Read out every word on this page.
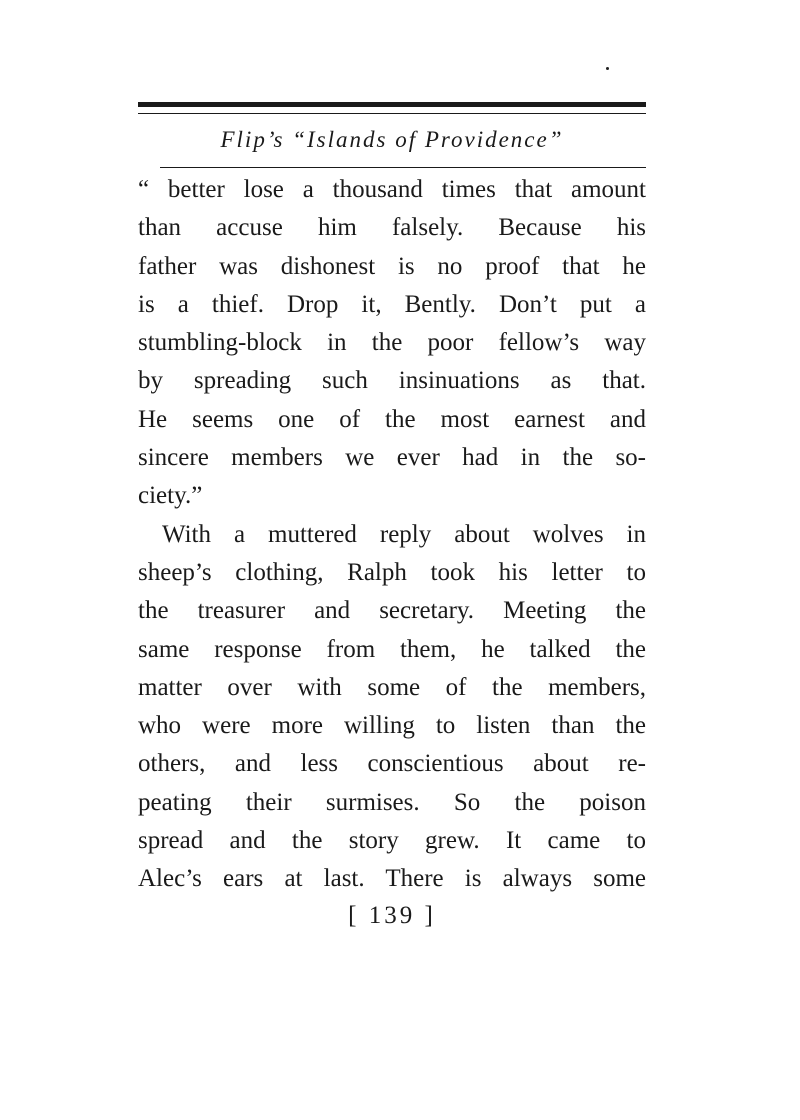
Flip’s “Islands of Providence”
“ better lose a thousand times that amount
than accuse him falsely. Because his
father was dishonest is no proof that he
is a thief. Drop it, Bently. Don’t put a
stumbling-block in the poor fellow’s way
by spreading such insinuations as that.
He seems one of the most earnest and
sincere members we ever had in the so-
ciety.”
With a muttered reply about wolves in
sheep’s clothing, Ralph took his letter to
the treasurer and secretary. Meeting the
same response from them, he talked the
matter over with some of the members,
who were more willing to listen than the
others, and less conscientious about re-
peating their surmises. So the poison
spread and the story grew. It came to
Alec’s ears at last. There is always some
[ 139 ]
